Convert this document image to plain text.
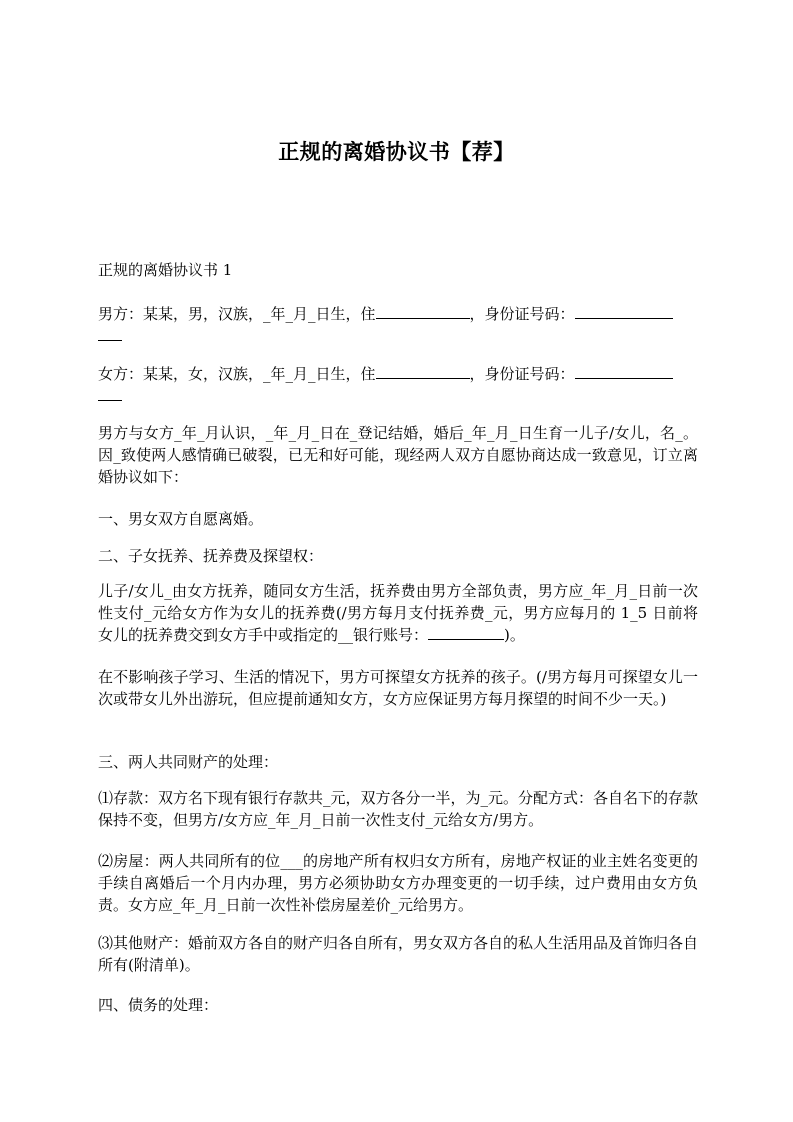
正规的离婚协议书【荐】
正规的离婚协议书 1
男方：某某，男，汉族，_年_月_日生，住	，身份证号码：

女方：某某，女，汉族，_年_月_日生，住	，身份证号码：

男方与女方_年_月认识，_年_月_日在_登记结婚，婚后_年_月_日生育一儿子/女儿，名_。因_致使两人感情确已破裂，已无和好可能，现经两人双方自愿协商达成一致意见，订立离婚协议如下：
一、男女双方自愿离婚。
二、子女抚养、抚养费及探望权：
儿子/女儿_由女方抚养，随同女方生活，抚养费由男方全部负责，男方应_年_月_日前一次性支付_元给女方作为女儿的抚养费(/男方每月支付抚养费_元，男方应每月的 1_5 日前将女儿的抚养费交到女方手中或指定的__银行账号：	)。
在不影响孩子学习、生活的情况下，男方可探望女方抚养的孩子。(/男方每月可探望女儿一次或带女儿外出游玩，但应提前通知女方，女方应保证男方每月探望的时间不少一天。)
三、两人共同财产的处理：
⑴存款：双方名下现有银行存款共_元，双方各分一半，为_元。分配方式：各自名下的存款保持不变，但男方/女方应_年_月_日前一次性支付_元给女方/男方。
⑵房屋：两人共同所有的位___的房地产所有权归女方所有，房地产权证的业主姓名变更的手续自离婚后一个月内办理，男方必须协助女方办理变更的一切手续，过户费用由女方负责。女方应_年_月_日前一次性补偿房屋差价_元给男方。
⑶其他财产：婚前双方各自的财产归各自所有，男女双方各自的私人生活用品及首饰归各自所有(附清单)。
四、债务的处理：
